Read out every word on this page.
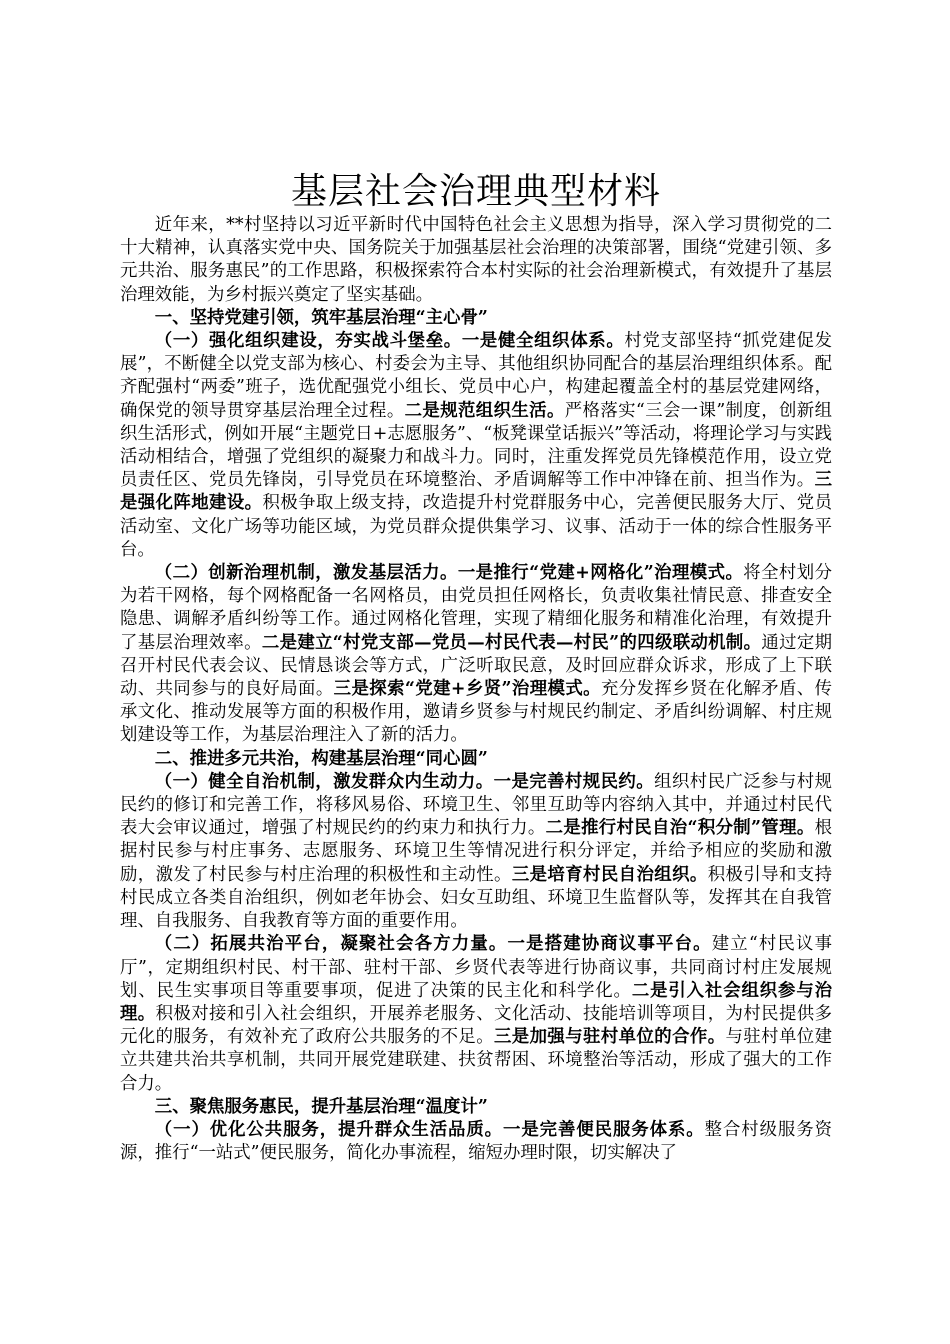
基层社会治理典型材料

近年来，**村坚持以习近平新时代中国特色社会主义思想为指导，深入学习贯彻党的二十大精神，认真落实党中央、国务院关于加强基层社会治理的决策部署，围绕“党建引领、多元共治、服务惠民”的工作思路，积极探索符合本村实际的社会治理新模式，有效提升了基层治理效能，为乡村振兴奠定了坚实基础。

一、坚持党建引领，筑牢基层治理“主心骨”

（一）强化组织建设，夯实战斗堡垒。一是健全组织体系。村党支部坚持“抓党建促发展”，不断健全以党支部为核心、村委会为主导、其他组织协同配合的基层治理组织体系。配齐配强村“两委”班子，选优配强党小组长、党员中心户，构建起覆盖全村的基层党建网络，确保党的领导贯穿基层治理全过程。二是规范组织生活。严格落实“三会一课”制度，创新组织生活形式，例如开展“主题党日+志愿服务”、“板凳课堂话振兴”等活动，将理论学习与实践活动相结合，增强了党组织的凝聚力和战斗力。同时，注重发挥党员先锋模范作用，设立党员责任区、党员先锋岗，引导党员在环境整治、矛盾调解等工作中冲锋在前、担当作为。三是强化阵地建设。积极争取上级支持，改造提升村党群服务中心，完善便民服务大厅、党员活动室、文化广场等功能区域，为党员群众提供集学习、议事、活动于一体的综合性服务平台。

（二）创新治理机制，激发基层活力。一是推行“党建+网格化”治理模式。将全村划分为若干网格，每个网格配备一名网格员，由党员担任网格长，负责收集社情民意、排查安全隐患、调解矛盾纠纷等工作。通过网格化管理，实现了精细化服务和精准化治理，有效提升了基层治理效率。二是建立“村党支部—党员—村民代表—村民”的四级联动机制。通过定期召开村民代表会议、民情恳谈会等方式，广泛听取民意，及时回应群众诉求，形成了上下联动、共同参与的良好局面。三是探索“党建+乡贤”治理模式。充分发挥乡贤在化解矛盾、传承文化、推动发展等方面的积极作用，邀请乡贤参与村规民约制定、矛盾纠纷调解、村庄规划建设等工作，为基层治理注入了新的活力。

二、推进多元共治，构建基层治理“同心圆”

（一）健全自治机制，激发群众内生动力。一是完善村规民约。组织村民广泛参与村规民约的修订和完善工作，将移风易俗、环境卫生、邻里互助等内容纳入其中，并通过村民代表大会审议通过，增强了村规民约的约束力和执行力。二是推行村民自治“积分制”管理。根据村民参与村庄事务、志愿服务、环境卫生等情况进行积分评定，并给予相应的奖励和激励，激发了村民参与村庄治理的积极性和主动性。三是培育村民自治组织。积极引导和支持村民成立各类自治组织，例如老年协会、妇女互助组、环境卫生监督队等，发挥其在自我管理、自我服务、自我教育等方面的重要作用。

（二）拓展共治平台，凝聚社会各方力量。一是搭建协商议事平台。建立“村民议事厅”，定期组织村民、村干部、驻村干部、乡贤代表等进行协商议事，共同商讨村庄发展规划、民生实事项目等重要事项，促进了决策的民主化和科学化。二是引入社会组织参与治理。积极对接和引入社会组织，开展养老服务、文化活动、技能培训等项目，为村民提供多元化的服务，有效补充了政府公共服务的不足。三是加强与驻村单位的合作。与驻村单位建立共建共治共享机制，共同开展党建联建、扶贫帮困、环境整治等活动，形成了强大的工作合力。

三、聚焦服务惠民，提升基层治理“温度计”

（一）优化公共服务，提升群众生活品质。一是完善便民服务体系。整合村级服务资源，推行“一站式”便民服务，简化办事流程，缩短办理时限，切实解决了
